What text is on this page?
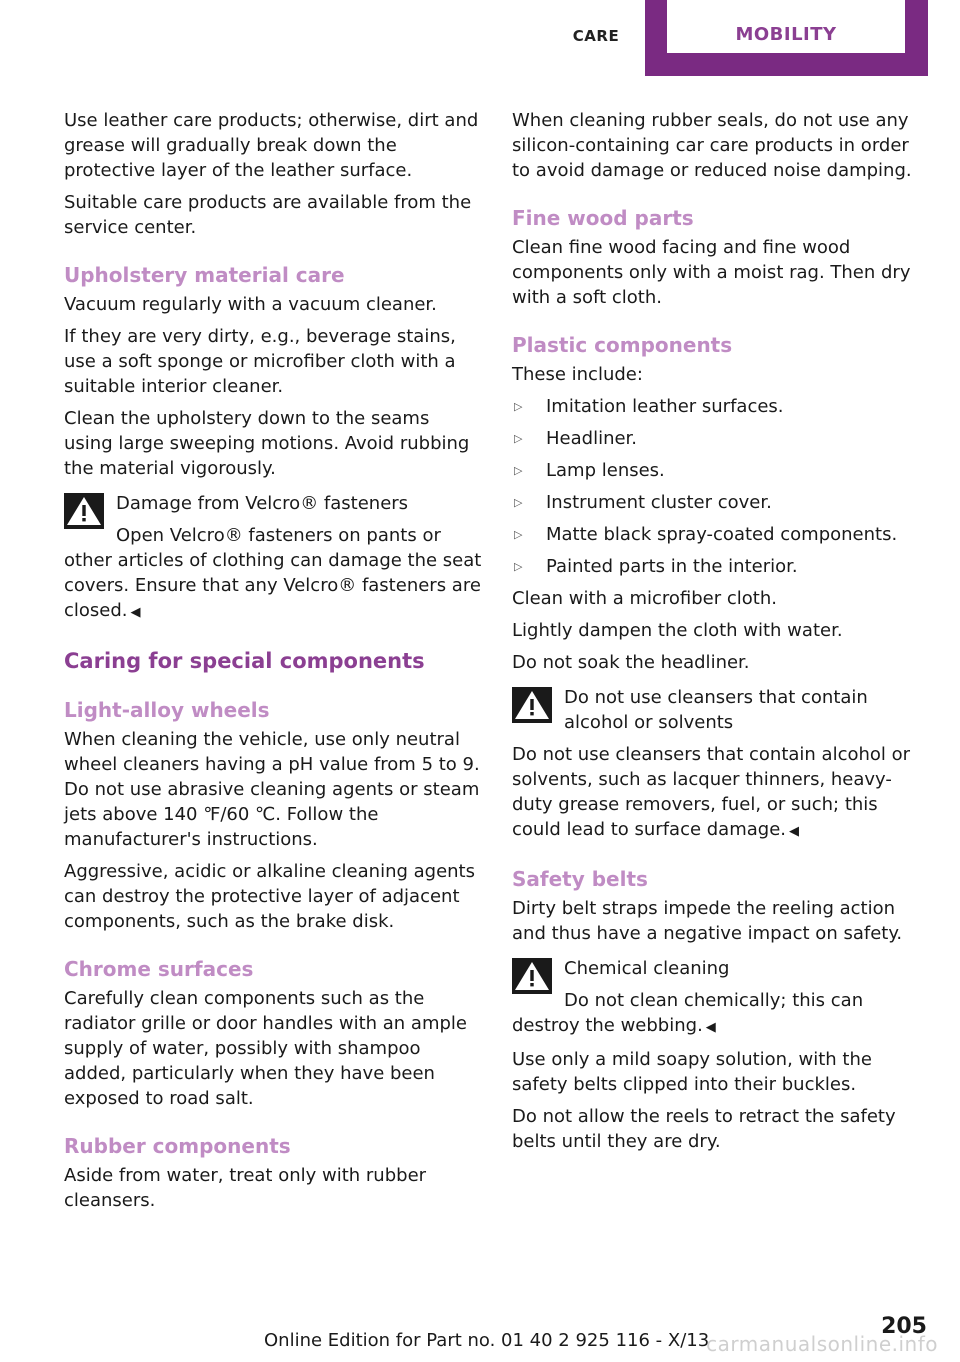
CARE	MOBILITY

Use leather care products; otherwise, dirt and grease will gradually break down the protective layer of the leather surface.

Suitable care products are available from the service center.

Upholstery material care

Vacuum regularly with a vacuum cleaner.

If they are very dirty, e.g., beverage stains, use a soft sponge or microfiber cloth with a suitable interior cleaner.

Clean the upholstery down to the seams using large sweeping motions. Avoid rubbing the material vigorously.

Damage from Velcro® fasteners
Open Velcro® fasteners on pants or other articles of clothing can damage the seat covers. Ensure that any Velcro® fasteners are closed. ◀
Caring for special components
Light-alloy wheels

When cleaning the vehicle, use only neutral wheel cleaners having a pH value from 5 to 9. Do not use abrasive cleaning agents or steam jets above 140 ℉/60 ℃. Follow the manufacturer's instructions.

Aggressive, acidic or alkaline cleaning agents can destroy the protective layer of adjacent components, such as the brake disk.

Chrome surfaces

Carefully clean components such as the radiator grille or door handles with an ample supply of water, possibly with shampoo added, particularly when they have been exposed to road salt.

Rubber components

Aside from water, treat only with rubber cleansers.

When cleaning rubber seals, do not use any silicon-containing car care products in order to avoid damage or reduced noise damping.

Fine wood parts

Clean fine wood facing and fine wood components only with a moist rag. Then dry with a soft cloth.

Plastic components

These include:

▷ Imitation leather surfaces.
▷ Headliner.
▷ Lamp lenses.
▷ Instrument cluster cover.
▷ Matte black spray-coated components.
▷ Painted parts in the interior.

Clean with a microfiber cloth.

Lightly dampen the cloth with water.

Do not soak the headliner.

Do not use cleansers that contain alcohol or solvents
Do not use cleansers that contain alcohol or solvents, such as lacquer thinners, heavy-duty grease removers, fuel, or such; this could lead to surface damage. ◀
Safety belts

Dirty belt straps impede the reeling action and thus have a negative impact on safety.

Chemical cleaning
Do not clean chemically; this can destroy the webbing. ◀

Use only a mild soapy solution, with the safety belts clipped into their buckles.

Do not allow the reels to retract the safety belts until they are dry.

Online Edition for Part no. 01 40 2 925 116 - X/13
205
carmanualsonline.info
